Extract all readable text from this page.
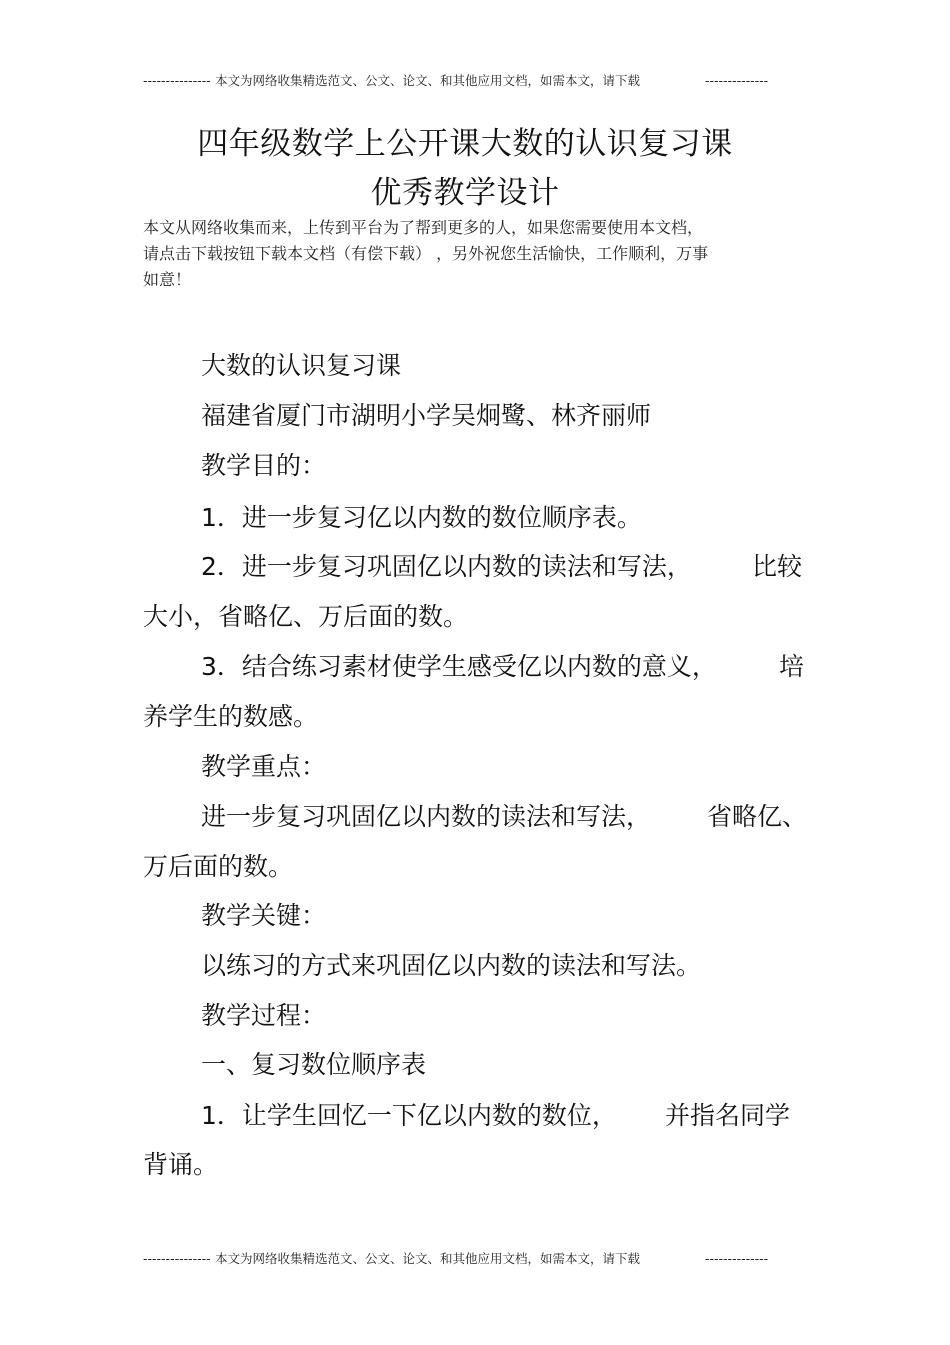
--------------- 本文为网络收集精选范文、公文、论文、和其他应用文档，如需本文，请下载	--------------
四年级数学上公开课大数的认识复习课
优秀教学设计
本文从网络收集而来，上传到平台为了帮到更多的人，如果您需要使用本文档，
请点击下载按钮下载本文档（有偿下载） ，另外祝您生活愉快，工作顺利，万事
如意！
大数的认识复习课
福建省厦门市湖明小学吴炯鹭、林齐丽师
教学目的：
1．进一步复习亿以内数的数位顺序表。
2．进一步复习巩固亿以内数的读法和写法， 比较
大小，省略亿、万后面的数。
3．结合练习素材使学生感受亿以内数的意义， 培
养学生的数感。
教学重点：
进一步复习巩固亿以内数的读法和写法， 省略亿、
万后面的数。
教学关键：
以练习的方式来巩固亿以内数的读法和写法。
教学过程：
一、复习数位顺序表
1．让学生回忆一下亿以内数的数位， 并指名同学
背诵。
--------------- 本文为网络收集精选范文、公文、论文、和其他应用文档，如需本文，请下载	--------------
